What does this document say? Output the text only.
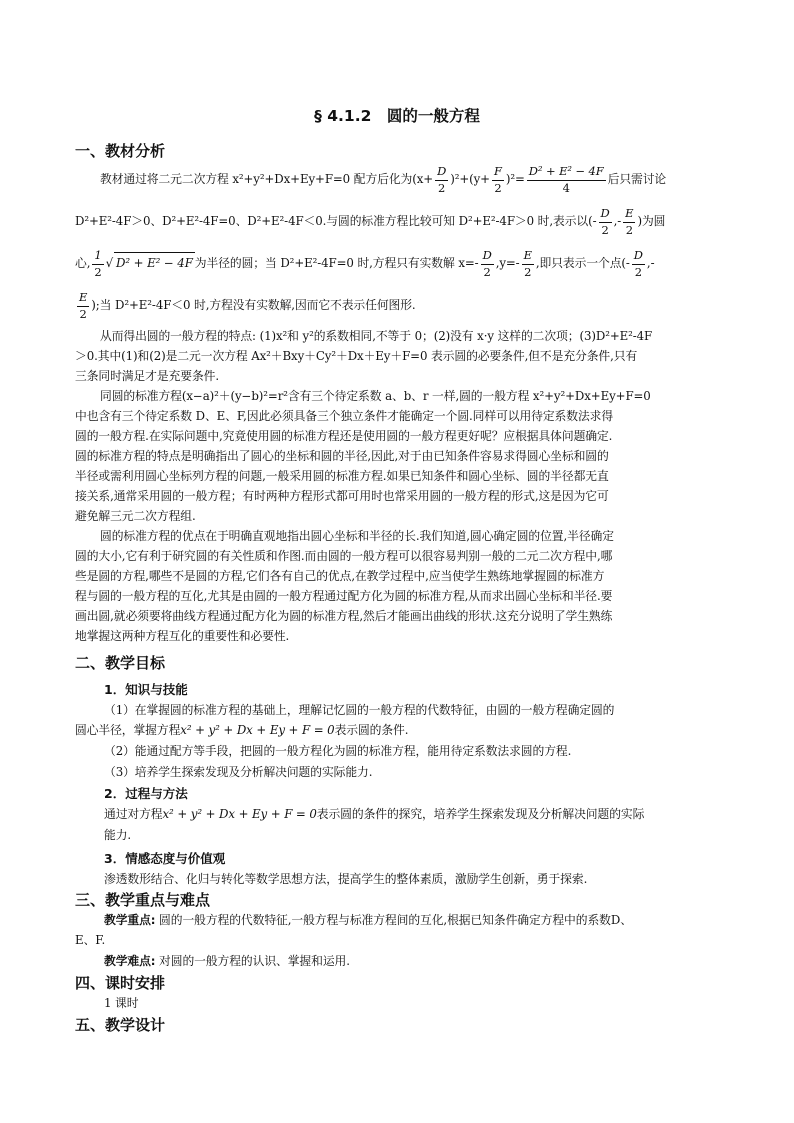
§ 4.1.2　圆的一般方程
一、教材分析
教材通过将二元二次方程 x²+y²+Dx+Ey+F=0 配方后化为$(x+ \frac{D}{2} )^2+(y+ \frac{F}{2} )^2= \frac{\text{D² + E² − 4F}}{4}$ 后只需讨论
D²+E²-4F＞0、D²+E²-4F=0、D²+E²-4F＜0.与圆的标准方程比较可知 D²+E²-4F＞0 时,表示以(- $\frac{D}{2}$ ,- $\frac{E}{2}$ )为圆
心, $\frac{1}{2}$ √ D² + E² − 4F 为半径的圆；当 D²+E²-4F=0 时,方程只有实数解 $x=- \frac{D}{2} ,y=- \frac{E}{2}$ ,即只表示一个点(- $\frac{D}{2}$ ,-
$\frac{E}{2}$ );当 D²+E²-4F＜0 时,方程没有实数解,因而它不表示任何图形.
从而得出圆的一般方程的特点: (1)x²和 y²的系数相同,不等于 0；(2)没有 x·y 这样的二次项；(3)D²+E²-4F
＞0.其中(1)和(2)是二元一次方程 Ax²＋Bxy＋Cy²＋Dx＋Ey＋F=0 表示圆的必要条件,但不是充分条件,只有
三条同时满足才是充要条件.
同圆的标准方程(x−a)²＋(y−b)²=r²含有三个待定系数 a、b、r 一样,圆的一般方程 x²+y²+Dx+Ey+F=0
中也含有三个待定系数 D、E、F,因此必须具备三个独立条件才能确定一个圆.同样可以用待定系数法求得
圆的一般方程.在实际问题中,究竟使用圆的标准方程还是使用圆的一般方程更好呢？应根据具体问题确定.
圆的标准方程的特点是明确指出了圆心的坐标和圆的半径,因此,对于由已知条件容易求得圆心坐标和圆的
半径或需利用圆心坐标列方程的问题,一般采用圆的标准方程.如果已知条件和圆心坐标、圆的半径都无直
接关系,通常采用圆的一般方程；有时两种方程形式都可用时也常采用圆的一般方程的形式,这是因为它可
避免解三元二次方程组.
圆的标准方程的优点在于明确直观地指出圆心坐标和半径的长.我们知道,圆心确定圆的位置,半径确定
圆的大小,它有利于研究圆的有关性质和作图.而由圆的一般方程可以很容易判别一般的二元二次方程中,哪
些是圆的方程,哪些不是圆的方程,它们各有自己的优点,在教学过程中,应当使学生熟练地掌握圆的标准方
程与圆的一般方程的互化,尤其是由圆的一般方程通过配方化为圆的标准方程,从而求出圆心坐标和半径.要
画出圆,就必须要将曲线方程通过配方化为圆的标准方程,然后才能画出曲线的形状.这充分说明了学生熟练
地掌握这两种方程互化的重要性和必要性.
二、教学目标
1．知识与技能
（1）在掌握圆的标准方程的基础上，理解记忆圆的一般方程的代数特征，由圆的一般方程确定圆的
圆心半径，掌握方程x² + y² + Dx + Ey + F = 0表示圆的条件.
（2）能通过配方等手段，把圆的一般方程化为圆的标准方程，能用待定系数法求圆的方程.
（3）培养学生探索发现及分析解决问题的实际能力.
2．过程与方法
通过对方程x² + y² + Dx + Ey + F = 0表示圆的条件的探究，培养学生探索发现及分析解决问题的实际
能力.
3．情感态度与价值观
渗透数形结合、化归与转化等数学思想方法，提高学生的整体素质，激励学生创新，勇于探索.
三、教学重点与难点
教学重点: 圆的一般方程的代数特征,一般方程与标准方程间的互化,根据已知条件确定方程中的系数D、
E、F.
教学难点: 对圆的一般方程的认识、掌握和运用.
四、课时安排
1 课时
五、教学设计
